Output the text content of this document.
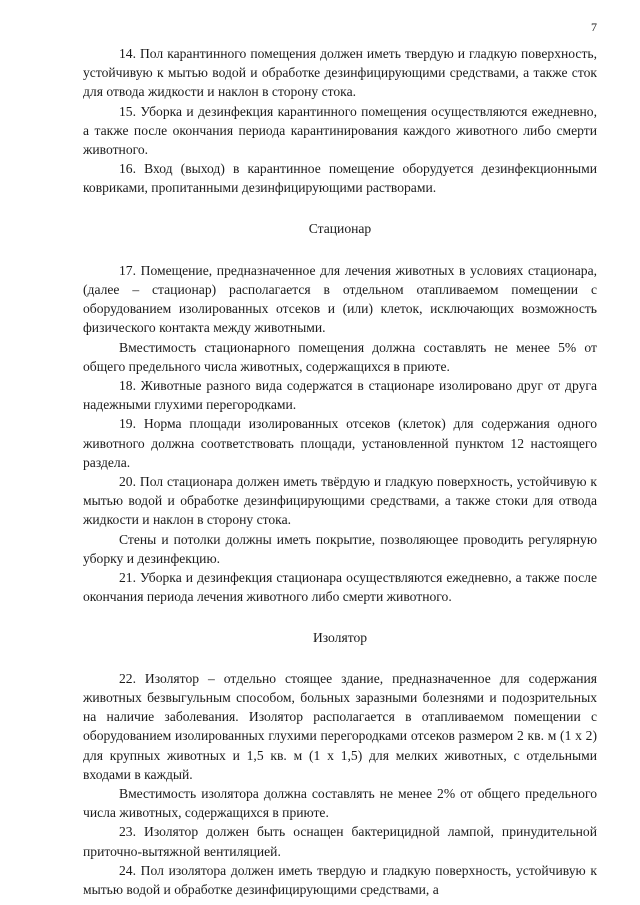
7

14. Пол карантинного помещения должен иметь твердую и гладкую поверхность, устойчивую к мытью водой и обработке дезинфицирующими средствами, а также сток для отвода жидкости и наклон в сторону стока.

15. Уборка и дезинфекция карантинного помещения осуществляются ежедневно, а также после окончания периода карантинирования каждого животного либо смерти животного.

16. Вход (выход) в карантинное помещение оборудуется дезинфекционными ковриками, пропитанными дезинфицирующими растворами.

Стационар

17. Помещение, предназначенное для лечения животных в условиях стационара, (далее – стационар) располагается в отдельном отапливаемом помещении с оборудованием изолированных отсеков и (или) клеток, исключающих возможность физического контакта между животными.

Вместимость стационарного помещения должна составлять не менее 5% от общего предельного числа животных, содержащихся в приюте.

18. Животные разного вида содержатся в стационаре изолировано друг от друга надежными глухими перегородками.

19. Норма площади изолированных отсеков (клеток) для содержания одного животного должна соответствовать площади, установленной пунктом 12 настоящего раздела.

20. Пол стационара должен иметь твёрдую и гладкую поверхность, устойчивую к мытью водой и обработке дезинфицирующими средствами, а также стоки для отвода жидкости и наклон в сторону стока.

Стены и потолки должны иметь покрытие, позволяющее проводить регулярную уборку и дезинфекцию.

21. Уборка и дезинфекция стационара осуществляются ежедневно, а также после окончания периода лечения животного либо смерти животного.

Изолятор

22. Изолятор – отдельно стоящее здание, предназначенное для содержания животных безвыгульным способом, больных заразными болезнями и подозрительных на наличие заболевания. Изолятор располагается в отапливаемом помещении с оборудованием изолированных глухими перегородками отсеков размером 2 кв. м (1 х 2) для крупных животных и 1,5 кв. м (1 х 1,5) для мелких животных, с отдельными входами в каждый.

Вместимость изолятора должна составлять не менее 2% от общего предельного числа животных, содержащихся в приюте.

23. Изолятор должен быть оснащен бактерицидной лампой, принудительной приточно-вытяжной вентиляцией.

24. Пол изолятора должен иметь твердую и гладкую поверхность, устойчивую к мытью водой и обработке дезинфицирующими средствами, а
